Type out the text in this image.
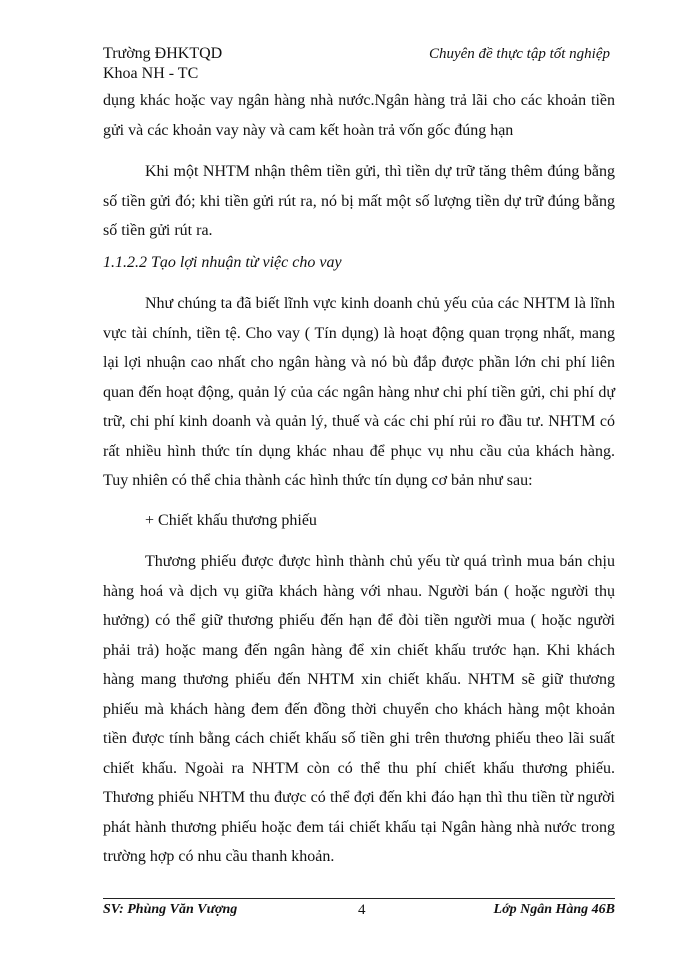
Trường ĐHKTQD
Khoa NH - TC
Chuyên đề thực tập tốt nghiệp

dụng khác hoặc vay ngân hàng nhà nước.Ngân hàng trả lãi cho các khoản tiền gửi và các khoản vay này và cam kết hoàn trả vốn gốc đúng hạn

Khi một NHTM nhận thêm tiền gửi, thì tiền dự trữ tăng thêm đúng bằng số tiền gửi đó; khi tiền gửi rút ra, nó bị mất một số lượng tiền dự trữ đúng bằng số tiền gửi rút ra.

1.1.2.2 Tạo lợi nhuận từ việc cho vay

Như chúng ta đã biết lĩnh vực kinh doanh chủ yếu của các NHTM là lĩnh vực tài chính, tiền tệ. Cho vay ( Tín dụng) là hoạt động quan trọng nhất, mang lại lợi nhuận cao nhất cho ngân hàng và nó bù đắp được phần lớn chi phí liên quan đến hoạt động, quản lý của các ngân hàng như chi phí tiền gửi, chi phí dự trữ, chi phí kinh doanh và quản lý, thuế và các chi phí rủi ro đầu tư. NHTM có rất nhiều hình thức tín dụng khác nhau để phục vụ nhu cầu của khách hàng. Tuy nhiên có thể chia thành các hình thức tín dụng cơ bản như sau:

+ Chiết khấu thương phiếu

Thương phiếu được được hình thành chủ yếu từ quá trình mua bán chịu hàng hoá và dịch vụ giữa khách hàng với nhau. Người bán ( hoặc người thụ hưởng) có thể giữ thương phiếu đến hạn để đòi tiền người mua ( hoặc người phải trả) hoặc mang đến ngân hàng để xin chiết khấu trước hạn. Khi khách hàng mang thương phiếu đến NHTM xin chiết khấu. NHTM sẽ giữ thương phiếu mà khách hàng đem đến đồng thời chuyển cho khách hàng một khoản tiền được tính bằng cách chiết khấu số tiền ghi trên thương phiếu theo lãi suất chiết khấu. Ngoài ra NHTM còn có thể thu phí chiết khấu thương phiếu. Thương phiếu NHTM thu được có thể đợi đến khi đáo hạn thì thu tiền từ người phát hành thương phiếu hoặc đem tái chiết khấu tại Ngân hàng nhà nước trong trường hợp có nhu cầu thanh khoản.

SV: Phùng Văn Vượng	4	Lớp Ngân Hàng 46B
